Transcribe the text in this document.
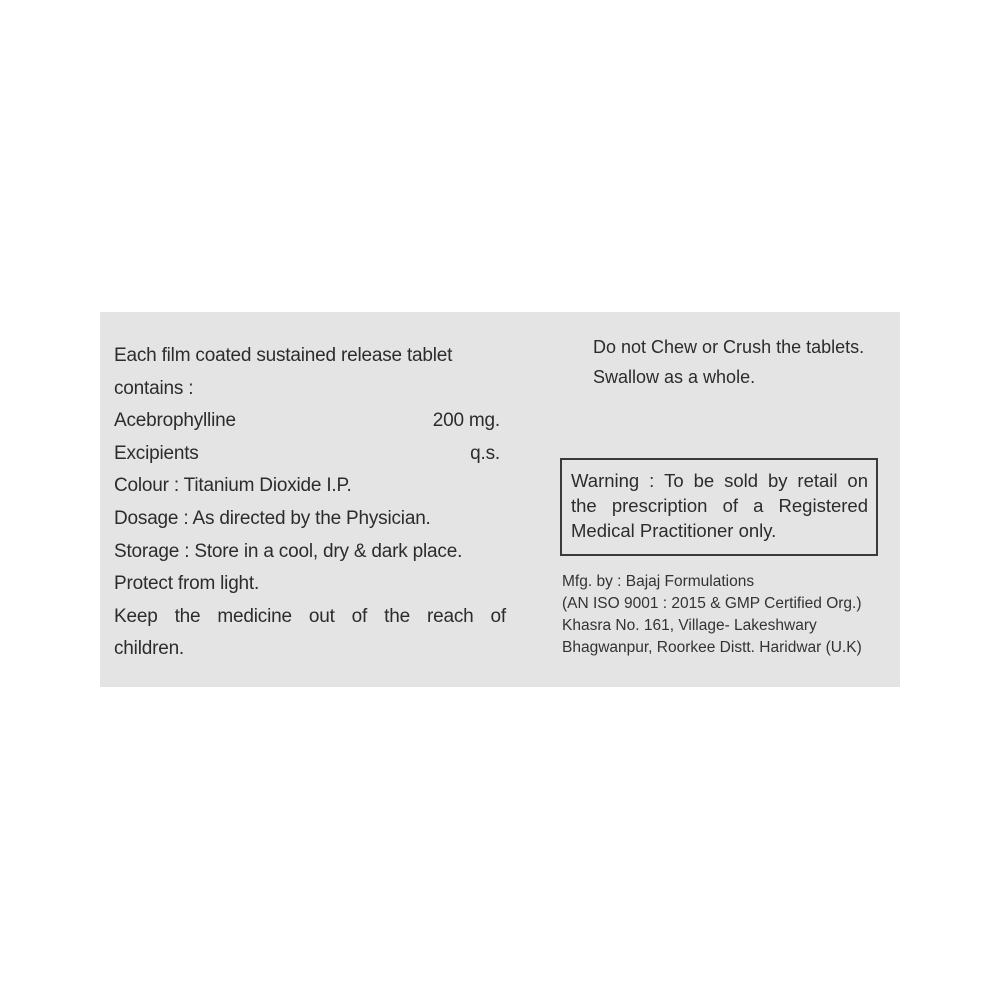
Each film coated sustained release tablet
contains :
Acebrophylline	200 mg.
Excipients	q.s.
Colour : Titanium Dioxide I.P.
Dosage : As directed by the Physician.
Storage : Store in a cool, dry & dark place.
Protect from light.
Keep the medicine out of the reach of
children.
Do not Chew or Crush the tablets.
Swallow as a whole.
Warning : To be sold by retail on
the prescription of a Registered
Medical Practitioner only.
Mfg. by : Bajaj Formulations
(AN ISO 9001 : 2015 & GMP Certified Org.)
Khasra No. 161, Village- Lakeshwary
Bhagwanpur, Roorkee Distt. Haridwar (U.K)
